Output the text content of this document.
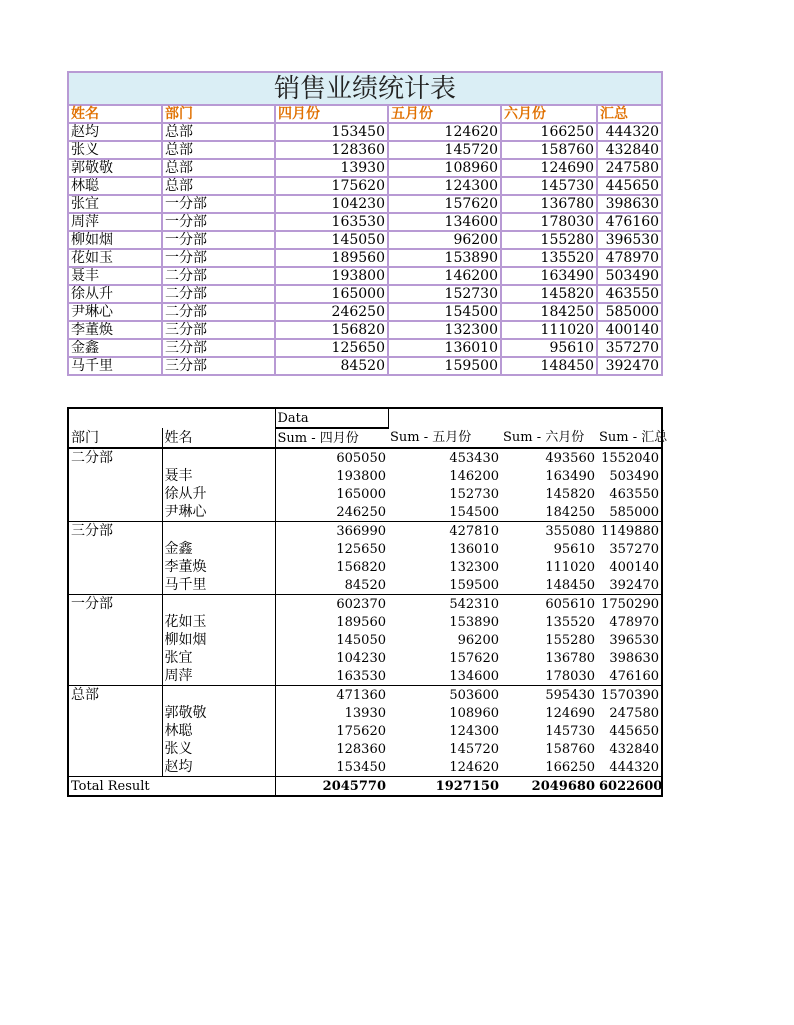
销售业绩统计表					
姓名	部门	四月份	五月份	六月份	汇总
赵均	总部	153450	124620	166250	444320
张义	总部	128360	145720	158760	432840
郭敬敬	总部	13930	108960	124690	247580
林聪	总部	175620	124300	145730	445650
张宜	一分部	104230	157620	136780	398630
周萍	一分部	163530	134600	178030	476160
柳如烟	一分部	145050	96200	155280	396530
花如玉	一分部	189560	153890	135520	478970
聂丰	二分部	193800	146200	163490	503490
徐从升	二分部	165000	152730	145820	463550
尹琳心	二分部	246250	154500	184250	585000
李董焕	三分部	156820	132300	111020	400140
金鑫	三分部	125650	136010	95610	357270
马千里	三分部	84520	159500	148450	392470
		Data			
部门	姓名	Sum - 四月份	Sum - 五月份	Sum - 六月份	Sum - 汇总
二分部		605050	453430	493560	1552040
	聂丰	193800	146200	163490	503490
	徐从升	165000	152730	145820	463550
	尹琳心	246250	154500	184250	585000
三分部		366990	427810	355080	1149880
	金鑫	125650	136010	95610	357270
	李董焕	156820	132300	111020	400140
	马千里	84520	159500	148450	392470
一分部		602370	542310	605610	1750290
	花如玉	189560	153890	135520	478970
	柳如烟	145050	96200	155280	396530
	张宜	104230	157620	136780	398630
	周萍	163530	134600	178030	476160
总部		471360	503600	595430	1570390
	郭敬敬	13930	108960	124690	247580
	林聪	175620	124300	145730	445650
	张义	128360	145720	158760	432840
	赵均	153450	124620	166250	444320
Total Result		2045770	1927150	2049680	6022600
